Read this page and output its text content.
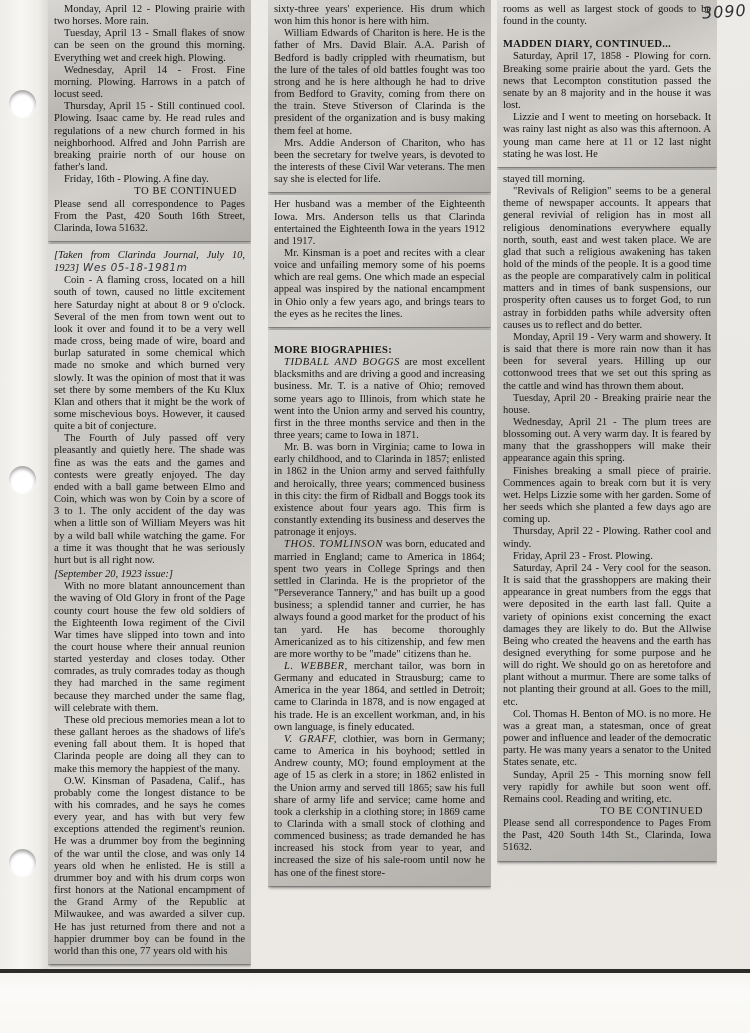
Monday, April 12 - Plowing prairie with two horses. More rain.

Tuesday, April 13 - Small flakes of snow can be seen on the ground this morning. Everything wet and creek high. Plowing.

Wednesday, April 14 - Frost. Fine morning. Plowing. Harrows in a patch of locust seed.

Thursday, April 15 - Still continued cool. Plowing. Isaac came by. He read rules and regulations of a new church formed in his neighborhood. Alfred and John Parrish are breaking prairie north of our house on father's land.

Friday, 16th - Plowing. A fine day.

TO BE CONTINUED

Please send all correspondence to Pages From the Past, 420 South 16th Street, Clarinda, Iowa 51632.

[Taken from Clarinda Journal, July 10, 1923] Wes 05-18-1981m

Coin - A flaming cross, located on a hill south of town, caused no little excitement here Saturday night at about 8 or 9 o'clock. Several of the men from town went out to look it over and found it to be a very well made cross, being made of wire, board and burlap saturated in some chemical which made no smoke and which burned very slowly. It was the opinion of most that it was set there by some members of the Ku Klux Klan and others that it might be the work of some mischevious boys. However, it caused quite a bit of conjecture.

The Fourth of July passed off very pleasantly and quietly here. The shade was fine as was the eats and the games and contests were greatly enjoyed. The day ended with a ball game between Elmo and Coin, which was won by Coin by a score of 3 to 1. The only accident of the day was when a little son of William Meyers was hit by a wild ball while watching the game. For a time it was thought that he was seriously hurt but is all right now.

[September 20, 1923 issue:]

With no more blatant announcement than the waving of Old Glory in front of the Page county court house the few old soldiers of the Eighteenth Iowa regiment of the Civil War times have slipped into town and into the court house where their annual reunion started yesterday and closes today. Other comrades, as truly comrades today as though they had marched in the same regiment because they marched under the same flag, will celebrate with them.

These old precious memories mean a lot to these gallant heroes as the shadows of life's evening fall about them. It is hoped that Clarinda people are doing all they can to make this memory the happiest of the many.

O.W. Kinsman of Pasadena, Calif., has probably come the longest distance to be with his comrades, and he says he comes every year, and has with but very few exceptions attended the regiment's reunion. He was a drummer boy from the beginning of the war until the close, and was only 14 years old when he enlisted. He is still a drummer boy and with his drum corps won first honors at the National encampment of the Grand Army of the Republic at Milwaukee, and was awarded a silver cup. He has just returned from there and not a happier drummer boy can be found in the world than this one, 77 years old with his

sixty-three years' experience. His drum which won him this honor is here with him.

William Edwards of Chariton is here. He is the father of Mrs. David Blair. A.A. Parish of Bedford is badly crippled with rheumatism, but the lure of the tales of old battles fought was too strong and he is here although he had to drive from Bedford to Gravity, coming from there on the train. Steve Stiverson of Clarinda is the president of the organization and is busy making them feel at home.

Mrs. Addie Anderson of Chariton, who has been the secretary for twelve years, is devoted to the interests of these Civil War veterans. The men say she is elected for life.

Her husband was a member of the Eighteenth Iowa. Mrs. Anderson tells us that Clarinda entertained the Eighteenth Iowa in the years 1912 and 1917.

Mr. Kinsman is a poet and recites with a clear voice and unfailing memory some of his poems which are real gems. One which made an especial appeal was inspired by the national encampment in Ohio only a few years ago, and brings tears to the eyes as he recites the lines.

MORE BIOGRAPHIES:

TIDBALL AND BOGGS are most excellent blacksmiths and are driving a good and increasing business. Mr. T. is a native of Ohio; removed some years ago to Illinois, from which state he went into the Union army and served his country, first in the three months service and then in the three years; came to Iowa in 1871.

Mr. B. was born in Virginia; came to Iowa in early childhood, and to Clarinda in 1857; enlisted in 1862 in the Union army and served faithfully and heroically, three years; commenced business in this city: the firm of Ridball and Boggs took its existence about four years ago. This firm is constantly extending its business and deserves the patronage it enjoys.

THOS. TOMLINSON was born, educated and married in England; came to America in 1864; spent two years in College Springs and then settled in Clarinda. He is the proprietor of the "Perseverance Tannery," and has built up a good business; a splendid tanner and currier, he has always found a good market for the product of his tan yard. He has become thoroughly Americanized as to his citizenship, and few men are more worthy to be "made" citizens than he.

L. WEBBER, merchant tailor, was born in Germany and educated in Strausburg; came to America in the year 1864, and settled in Detroit; came to Clarinda in 1878, and is now engaged at his trade. He is an excellent workman, and, in his own language, is finely educated.

V. GRAFF, clothier, was born in Germany; came to America in his boyhood; settled in Andrew county, MO; found employment at the age of 15 as clerk in a store; in 1862 enlisted in the Union army and served till 1865; saw his full share of army life and service; came home and took a clerkship in a clothing store; in 1869 came to Clarinda with a small stock of clothing and commenced business; as trade demanded he has increased his stock from year to year, and increased the size of his sale-room until now he has one of the finest store-

rooms as well as largest stock of goods to be found in the county.

MADDEN DIARY, CONTINUED...

Saturday, April 17, 1858 - Plowing for corn. Breaking some prairie about the yard. Gets the news that Lecompton constitution passed the senate by an 8 majority and in the house it was lost.

Lizzie and I went to meeting on horseback. It was rainy last night as also was this afternoon. A young man came here at 11 or 12 last night stating he was lost. He

stayed till morning.

"Revivals of Religion" seems to be a general theme of newspaper accounts. It appears that general revivial of religion has in most all religious denominations everywhere equally north, south, east and west taken place. We are glad that such a religious awakening has taken hold of the minds of the people. It is a good time as the people are comparatively calm in political matters and in times of bank suspensions, our prosperity often causes us to forget God, to run astray in forbidden paths while adversity often causes us to reflect and do better.

Monday, April 19 - Very warm and showery. It is said that there is more rain now than it has been for several years. Hilling up our cottonwood trees that we set out this spring as the cattle and wind has thrown them about.

Tuesday, April 20 - Breaking prairie near the house.

Wednesday, April 21 - The plum trees are blossoming out. A very warm day. It is feared by many that the grasshoppers will make their appearance again this spring.

Finishes breaking a small piece of prairie. Commences again to break corn but it is very wet. Helps Lizzie some with her garden. Some of her seeds which she planted a few days ago are coming up.

Thursday, April 22 - Plowing. Rather cool and windy.

Friday, April 23 - Frost. Plowing.

Saturday, April 24 - Very cool for the season. It is said that the grasshoppers are making their appearance in great numbers from the eggs that were deposited in the earth last fall. Quite a variety of opinions exist concerning the exact damages they are likely to do. But the Allwise Being who created the heavens and the earth has designed everything for some purpose and he will do right. We should go on as heretofore and plant without a murmur. There are some talks of not planting their ground at all. Goes to the mill, etc.

Col. Thomas H. Benton of MO. is no more. He was a great man, a statesman, once of great power and influence and leader of the democratic party. He was many years a senator to the United States senate, etc.

Sunday, April 25 - This morning snow fell very rapidly for awhile but soon went off. Remains cool. Reading and writing, etc.

TO BE CONTINUED

Please send all correspondence to Pages From the Past, 420 South 14th St., Clarinda, Iowa 51632.

3090
